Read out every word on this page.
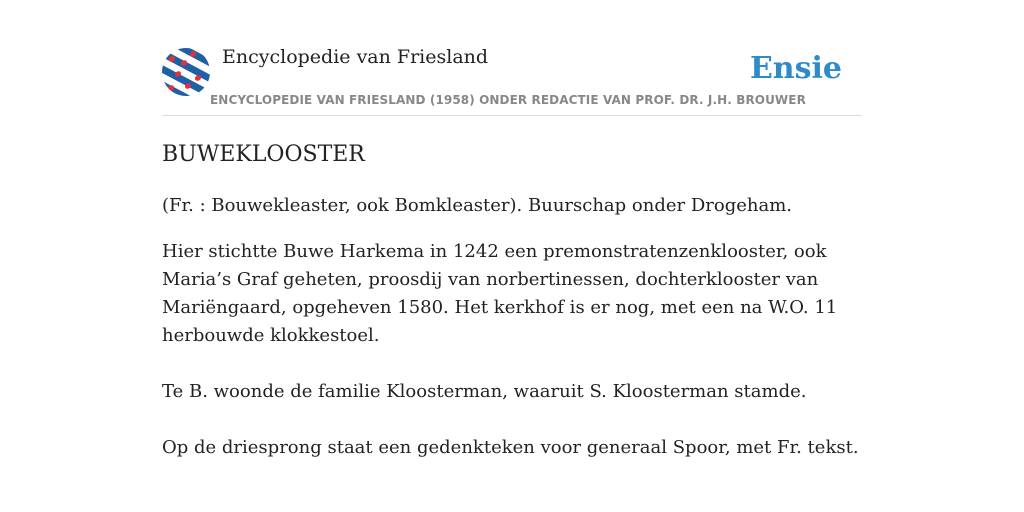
Encyclopedie van Friesland
ENCYCLOPEDIE VAN FRIESLAND (1958) ONDER REDACTIE VAN PROF. DR. J.H. BROUWER
Ensie
BUWEKLOOSTER

(Fr. : Bouwekleaster, ook Bomkleaster). Buurschap onder Drogeham.

Hier stichtte Buwe Harkema in 1242 een premonstratenzenklooster, ook Maria’s Graf geheten, proosdij van norbertinessen, dochterklooster van Mariëngaard, opgeheven 1580. Het kerkhof is er nog, met een na W.O. 11 herbouwde klokkestoel.

Te B. woonde de familie Kloosterman, waaruit S. Kloosterman stamde.

Op de driesprong staat een gedenkteken voor generaal Spoor, met Fr. tekst.
